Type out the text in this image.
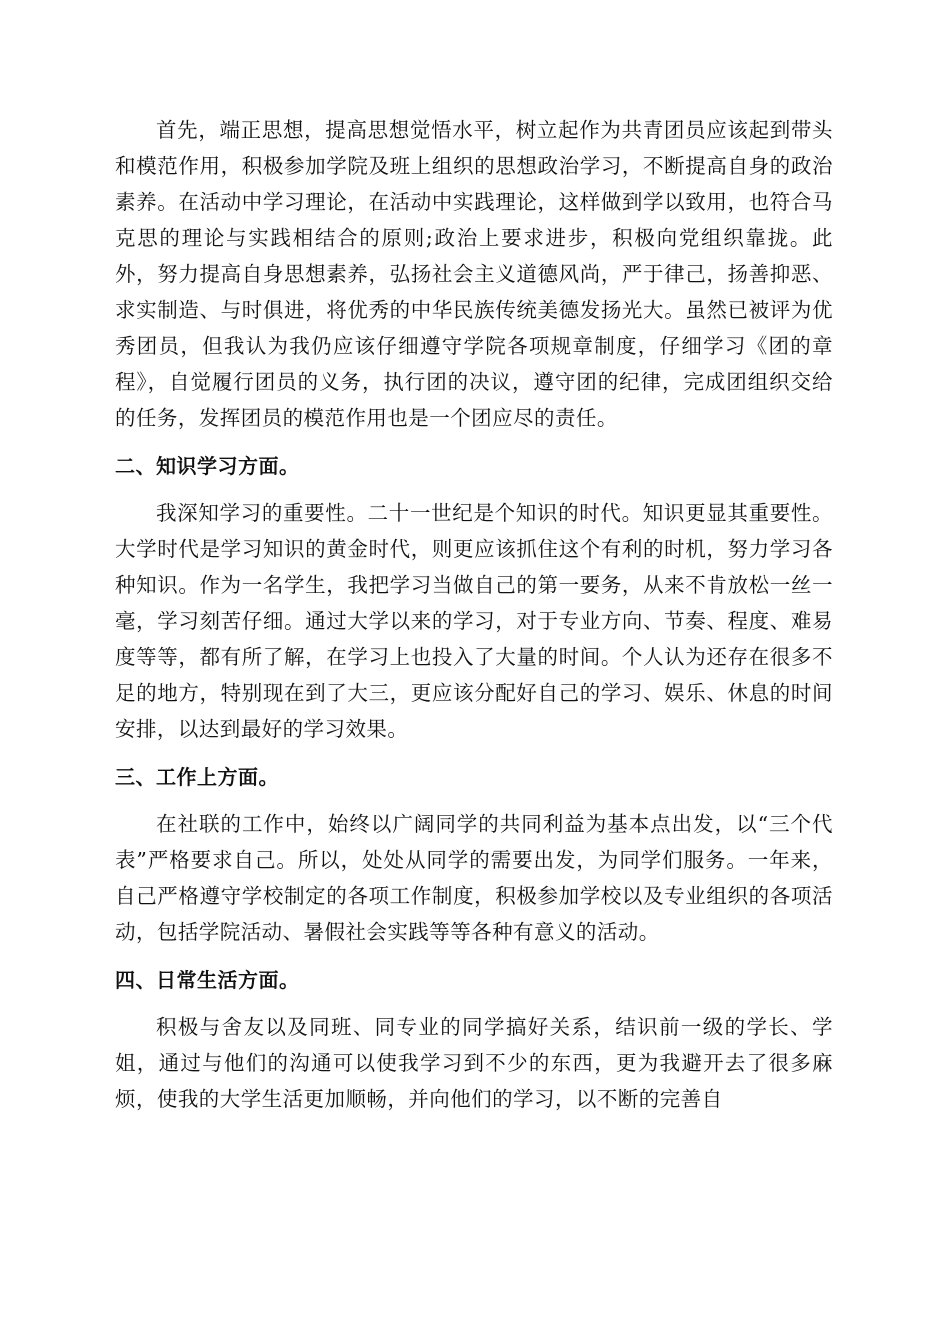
首先，端正思想，提高思想觉悟水平，树立起作为共青团员应该起到带头和模范作用，积极参加学院及班上组织的思想政治学习，不断提高自身的政治素养。在活动中学习理论，在活动中实践理论，这样做到学以致用，也符合马克思的理论与实践相结合的原则;政治上要求进步，积极向党组织靠拢。此外，努力提高自身思想素养，弘扬社会主义道德风尚，严于律己，扬善抑恶、求实制造、与时俱进，将优秀的中华民族传统美德发扬光大。虽然已被评为优秀团员，但我认为我仍应该仔细遵守学院各项规章制度，仔细学习《团的章程》，自觉履行团员的义务，执行团的决议，遵守团的纪律，完成团组织交给的任务，发挥团员的模范作用也是一个团应尽的责任。

二、知识学习方面。

我深知学习的重要性。二十一世纪是个知识的时代。知识更显其重要性。大学时代是学习知识的黄金时代，则更应该抓住这个有利的时机，努力学习各种知识。作为一名学生，我把学习当做自己的第一要务，从来不肯放松一丝一毫，学习刻苦仔细。通过大学以来的学习，对于专业方向、节奏、程度、难易度等等，都有所了解，在学习上也投入了大量的时间。个人认为还存在很多不足的地方，特别现在到了大三，更应该分配好自己的学习、娱乐、休息的时间安排，以达到最好的学习效果。

三、工作上方面。

在社联的工作中，始终以广阔同学的共同利益为基本点出发，以“三个代表”严格要求自己。所以，处处从同学的需要出发，为同学们服务。一年来，自己严格遵守学校制定的各项工作制度，积极参加学校以及专业组织的各项活动，包括学院活动、暑假社会实践等等各种有意义的活动。

四、日常生活方面。

积极与舍友以及同班、同专业的同学搞好关系，结识前一级的学长、学姐，通过与他们的沟通可以使我学习到不少的东西，更为我避开去了很多麻烦，使我的大学生活更加顺畅，并向他们的学习，以不断的完善自
